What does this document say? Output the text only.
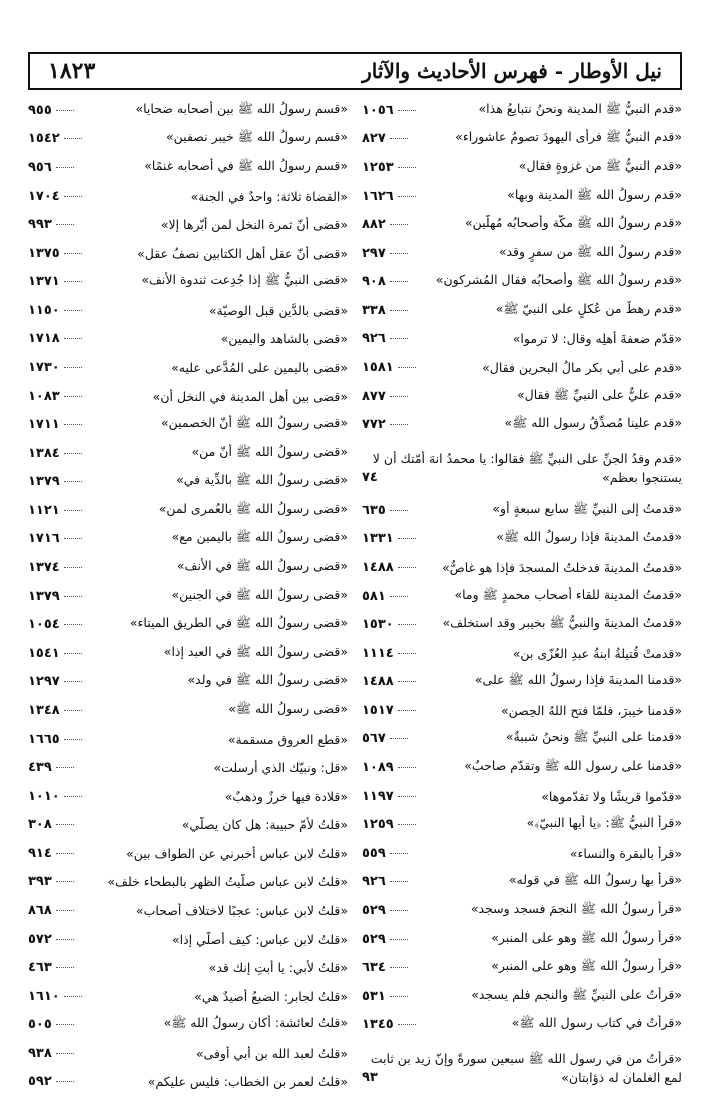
١٨٢٣	نيل الأوطار - فهرس الأحاديث والآثار
«قدم النبيُّ ﷺ المدينة ونحنُ نتبايعُ هذا»
١٠٥٦
«قدم النبيُّ ﷺ فرأى اليهودَ تصومُ عاشوراء»
٨٢٧
«قدم النبيُّ ﷺ من غزوةٍ فقال»
١٢٥٣
«قدم رسولُ الله ﷺ المدينة وبها»
١٦٢٦
«قدم رسولُ الله ﷺ مكّة وأصحابُه مُهلّين»
٨٨٢
«قدم رسولُ الله ﷺ من سفرٍ وقد»
٢٩٧
«قدم رسولُ الله ﷺ وأصحابُه فقال المُشركون»
٩٠٨
«قدم رهطٌ من عُكلٍ على النبيّ ﷺ»
٣٣٨
«قدّم ضعفةَ أهلِه وقال: لا ترموا»
٩٢٦
«قدم على أبي بكرٍ مالُ البحرين فقال»
١٥٨١
«قدم عليٌّ على النبيِّ ﷺ فقال»
٨٧٧
«قدم علينا مُصدِّقُ رسول الله ﷺ»
٧٧٢
«قدم وفدُ الجنِّ على النبيِّ ﷺ فقالوا: يا محمدُ انهَ أُمّتك أن لا
يستنجوا بعظمٍ»
٧٤
«قدمتُ إلى النبيِّ ﷺ سابع سبعةٍ أو»
٦٣٥
«قدمتُ المدينةَ فإذا رسولُ الله ﷺ»
١٣٣١
«قدمتُ المدينةَ فدخلتُ المسجدَ فإذا هو غاصٌّ»
١٤٨٨
«قدمتُ المدينة للقاء أصحاب محمدٍ ﷺ وما»
٥٨١
«قدمتُ المدينةَ والنبيُّ ﷺ بخيبر وقد استخلف»
١٥٣٠
«قدمتْ قُتيلةُ ابنةُ عبدِ العُزّى بن»
١١١٤
«قدمنا المدينةَ فإذا رسولُ الله ﷺ على»
١٤٨٨
«قدمنا خيبرَ، فلمّا فتح اللهُ الحِصن»
١٥١٧
«قدمنا على النبيِّ ﷺ ونحنُ شببةٌ»
٥٦٧
«قدمنا على رسول الله ﷺ وتقدّم صاحبٌ»
١٠٨٩
«قدّموا قريشًا ولا تقدّموها»
١١٩٧
«قرأ النبيُّ ﷺ: ﴿يا أيها النبيّ﴾»
١٢٥٩
«قرأ بالبقرة والنساء»
٥٥٩
«قرأ بها رسولُ الله ﷺ في قوله»
٩٢٦
«قرأ رسولُ الله ﷺ النجمَ فسجد وسجد»
٥٢٩
«قرأ رسولُ الله ﷺ وهو على المنبر»
٥٢٩
«قرأ رسولُ الله ﷺ وهو على المنبر»
٦٣٤
«قرأتُ على النبيِّ ﷺ والنجم فلم يسجد»
٥٣١
«قرأتُ في كتاب رسول الله ﷺ»
١٣٤٥
«قرأتُ من في رسول الله ﷺ سبعين سورةً وإنّ زيد بن ثابت
لمع الغلمان له ذؤابتان»
٩٣
«قسم رسولُ الله ﷺ بين أصحابه ضحايا»
٩٥٥
«قسم رسولُ الله ﷺ خيبر نصفين»
١٥٤٢
«قسم رسولُ الله ﷺ في أصحابه غنمًا»
٩٥٦
«القضاة ثلاثة: واحدٌ في الجنة»
١٧٠٤
«قضى أنّ ثمرة النخل لمن أبّرها إلا»
٩٩٣
«قضى أنّ عقل أهل الكتابين نصفُ عقل»
١٣٧٥
«قضى النبيُّ ﷺ إذا جُدِعت ثندوة الأنف»
١٣٧١
«قضى بالدَّين قبل الوصيّة»
١١٥٠
«قضى بالشاهد واليمين»
١٧١٨
«قضى باليمين على المُدَّعى عليه»
١٧٣٠
«قضى بين أهل المدينة في النخل أن»
١٠٨٣
«قضى رسولُ الله ﷺ أنّ الخصمين»
١٧١١
«قضى رسولُ الله ﷺ أنّ من»
١٣٨٤
«قضى رسولُ الله ﷺ بالدِّية في»
١٣٧٩
«قضى رسولُ الله ﷺ بالعُمرى لمن»
١١٢١
«قضى رسولُ الله ﷺ باليمين مع»
١٧١٦
«قضى رسولُ الله ﷺ في الأنف»
١٣٧٤
«قضى رسولُ الله ﷺ في الجنين»
١٣٧٩
«قضى رسولُ الله ﷺ في الطريق الميتاء»
١٠٥٤
«قضى رسولُ الله ﷺ في العبد إذا»
١٥٤١
«قضى رسولُ الله ﷺ في ولد»
١٢٩٧
«قضى رسولُ الله ﷺ»
١٣٤٨
«قطع العروق مسقمة»
١٦٦٥
«قل: ونبيّك الذي أرسلت»
٤٣٩
«قلادة فيها خرزٌ وذهبٌ»
١٠١٠
«قلتُ لأمّ حبيبة: هل كان يصلّي»
٣٠٨
«قلتُ لابن عباس أخبرني عن الطواف بين»
٩١٤
«قلتُ لابن عباس صلّيتُ الظهر بالبطحاء خلف»
٣٩٣
«قلتُ لابن عباس: عجبًا لاختلاف أصحاب»
٨٦٨
«قلتُ لابن عباس: كيف أصلّي إذا»
٥٧٢
«قلتُ لأبي: يا أبتِ إنك قد»
٤٦٣
«قلتُ لجابر: الضبعُ أصيدٌ هي»
١٦١٠
«قلتُ لعائشة: أكان رسولُ الله ﷺ»
٥٠٥
«قلتُ لعبد الله بن أبي أوفى»
٩٣٨
«قلتُ لعمر بن الخطاب: فليس عليكم»
٥٩٢
